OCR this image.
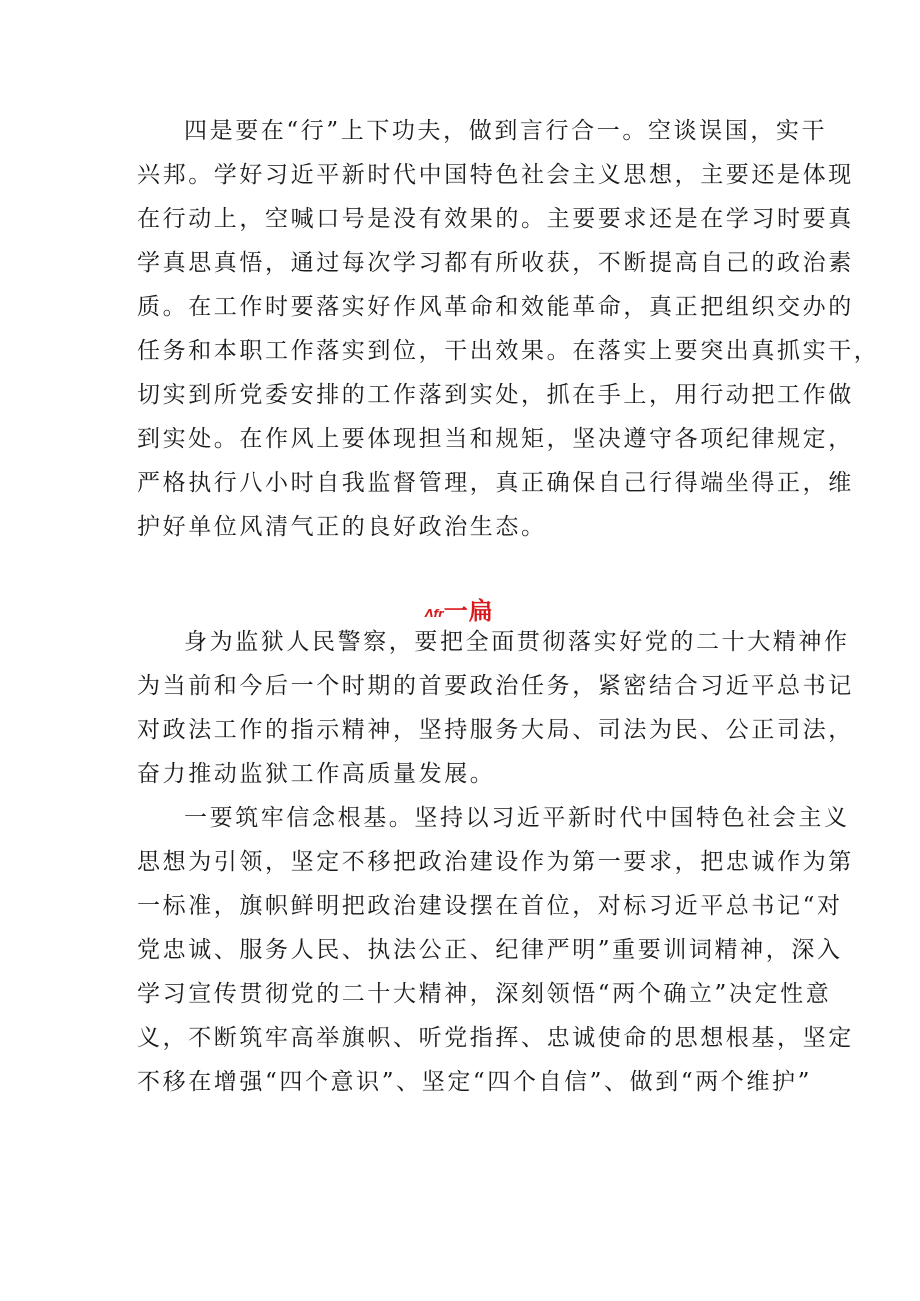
四是要在“行”上下功夫，做到言行合一。空谈误国，实干
兴邦。学好习近平新时代中国特色社会主义思想，主要还是体现
在行动上，空喊口号是没有效果的。主要要求还是在学习时要真
学真思真悟，通过每次学习都有所收获，不断提高自己的政治素
质。在工作时要落实好作风革命和效能革命，真正把组织交办的
任务和本职工作落实到位，干出效果。在落实上要突出真抓实干，
切实到所党委安排的工作落到实处，抓在手上，用行动把工作做
到实处。在作风上要体现担当和规矩，坚决遵守各项纪律规定，
严格执行八小时自我监督管理，真正确保自己行得端坐得正，维
护好单位风清气正的良好政治生态。
Λfr一扁
身为监狱人民警察，要把全面贯彻落实好党的二十大精神作
为当前和今后一个时期的首要政治任务，紧密结合习近平总书记
对政法工作的指示精神，坚持服务大局、司法为民、公正司法，
奋力推动监狱工作高质量发展。
一要筑牢信念根基。坚持以习近平新时代中国特色社会主义
思想为引领，坚定不移把政治建设作为第一要求，把忠诚作为第
一标准，旗帜鲜明把政治建设摆在首位，对标习近平总书记“对
党忠诚、服务人民、执法公正、纪律严明”重要训词精神，深入
学习宣传贯彻党的二十大精神，深刻领悟“两个确立”决定性意
义，不断筑牢高举旗帜、听党指挥、忠诚使命的思想根基，坚定
不移在增强“四个意识”、坚定“四个自信”、做到“两个维护”
